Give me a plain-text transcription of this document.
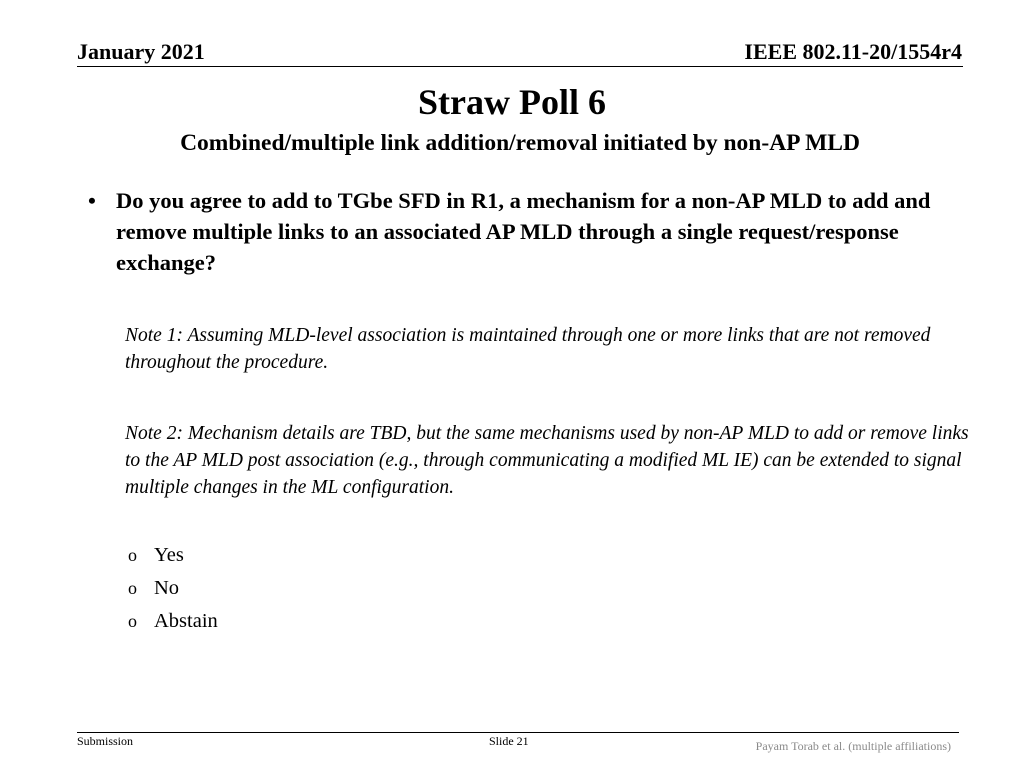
January 2021	IEEE 802.11-20/1554r4
Straw Poll 6
Combined/multiple link addition/removal initiated by non-AP MLD
• Do you agree to add to TGbe SFD in R1, a mechanism for a non-AP MLD to add and remove multiple links to an associated AP MLD through a single request/response exchange?
Note 1: Assuming MLD-level association is maintained through one or more links that are not removed throughout the procedure.
Note 2: Mechanism details are TBD, but the same mechanisms used by non-AP MLD to add or remove links to the AP MLD post association (e.g., through communicating a modified ML IE) can be extended to signal multiple changes in the ML configuration.
o Yes
o No
o Abstain
Submission	Slide 21	Payam Torab et al. (multiple affiliations)
